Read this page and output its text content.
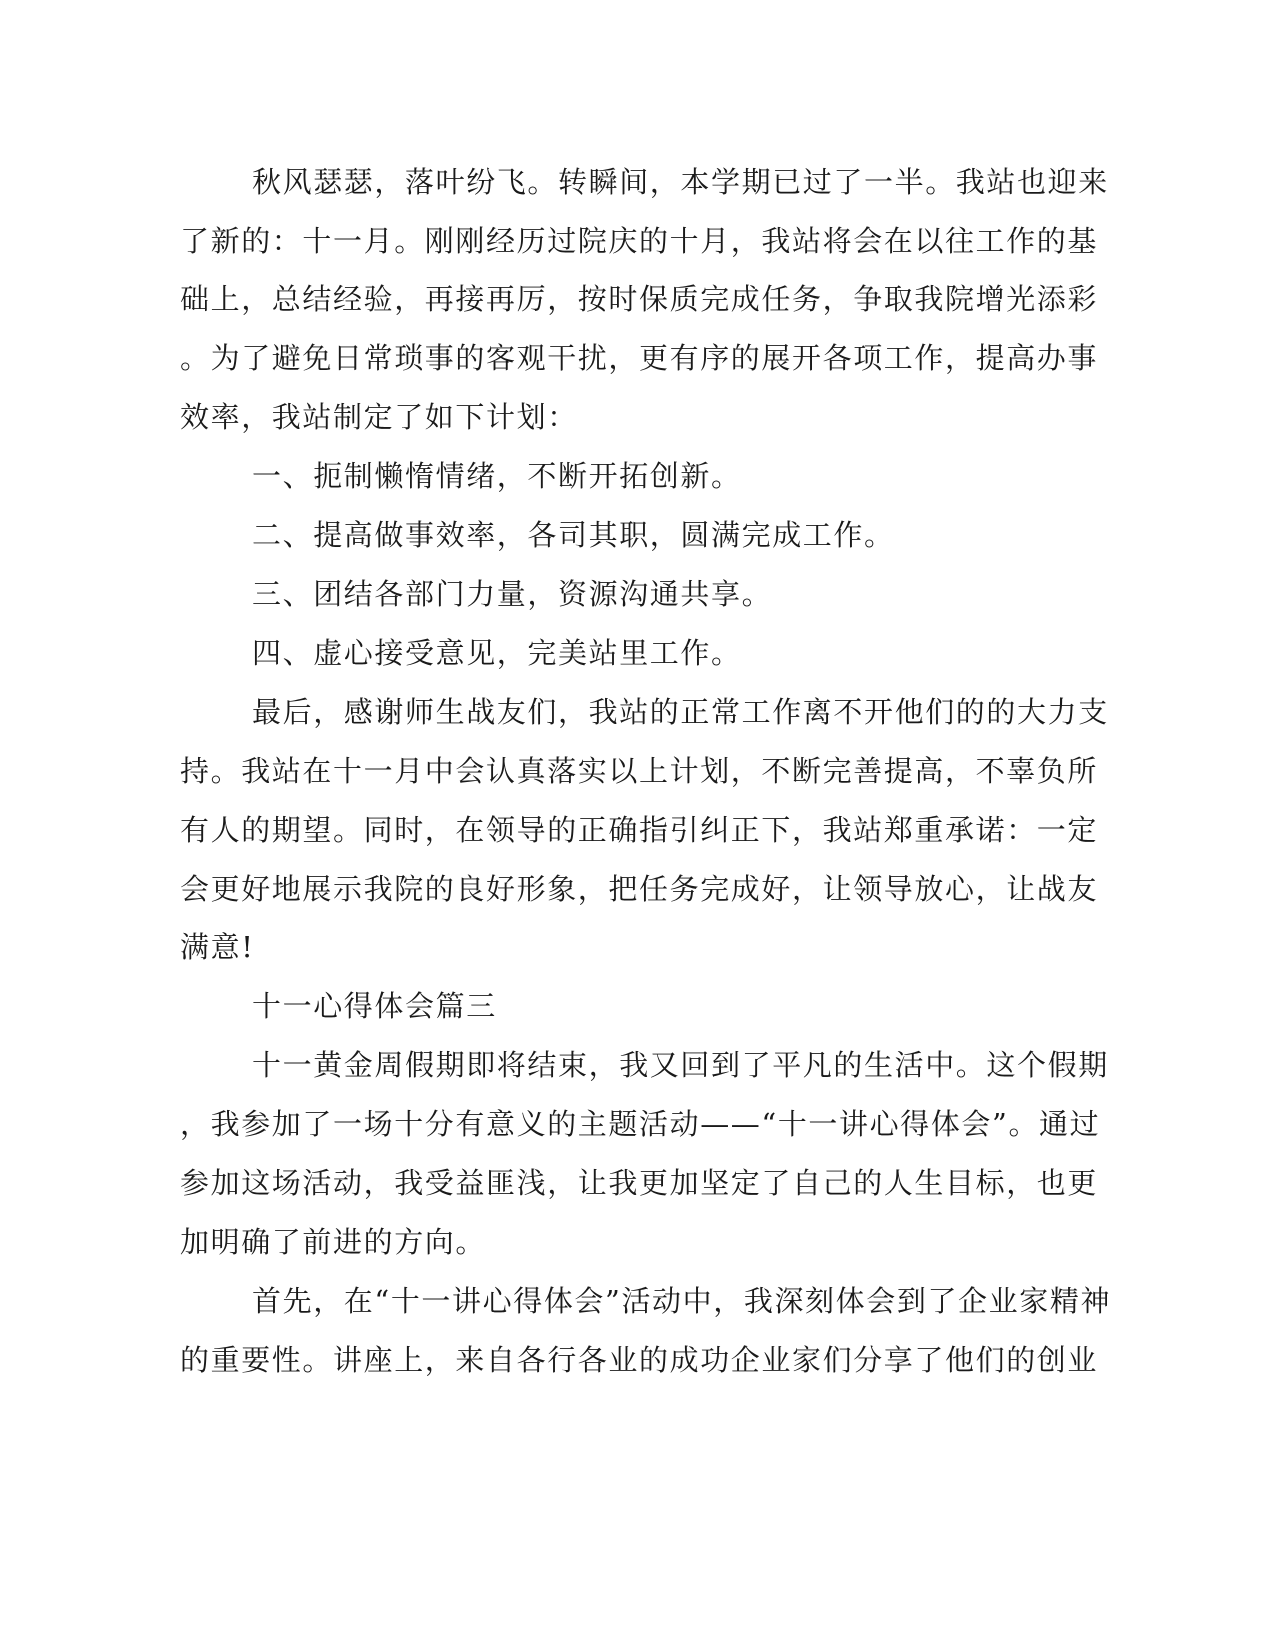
秋风瑟瑟，落叶纷飞。转瞬间，本学期已过了一半。我站也迎来

了新的：十一月。刚刚经历过院庆的十月，我站将会在以往工作的基

础上，总结经验，再接再厉，按时保质完成任务，争取我院增光添彩

。为了避免日常琐事的客观干扰，更有序的展开各项工作，提高办事

效率，我站制定了如下计划：

一、扼制懒惰情绪，不断开拓创新。

二、提高做事效率，各司其职，圆满完成工作。

三、团结各部门力量，资源沟通共享。

四、虚心接受意见，完美站里工作。

最后，感谢师生战友们，我站的正常工作离不开他们的的大力支

持。我站在十一月中会认真落实以上计划，不断完善提高，不辜负所

有人的期望。同时，在领导的正确指引纠正下，我站郑重承诺：一定

会更好地展示我院的良好形象，把任务完成好，让领导放心，让战友

满意!

十一心得体会篇三

十一黄金周假期即将结束，我又回到了平凡的生活中。这个假期

，我参加了一场十分有意义的主题活动——“十一讲心得体会”。通过

参加这场活动，我受益匪浅，让我更加坚定了自己的人生目标，也更

加明确了前进的方向。

首先，在“十一讲心得体会”活动中，我深刻体会到了企业家精神

的重要性。讲座上，来自各行各业的成功企业家们分享了他们的创业
